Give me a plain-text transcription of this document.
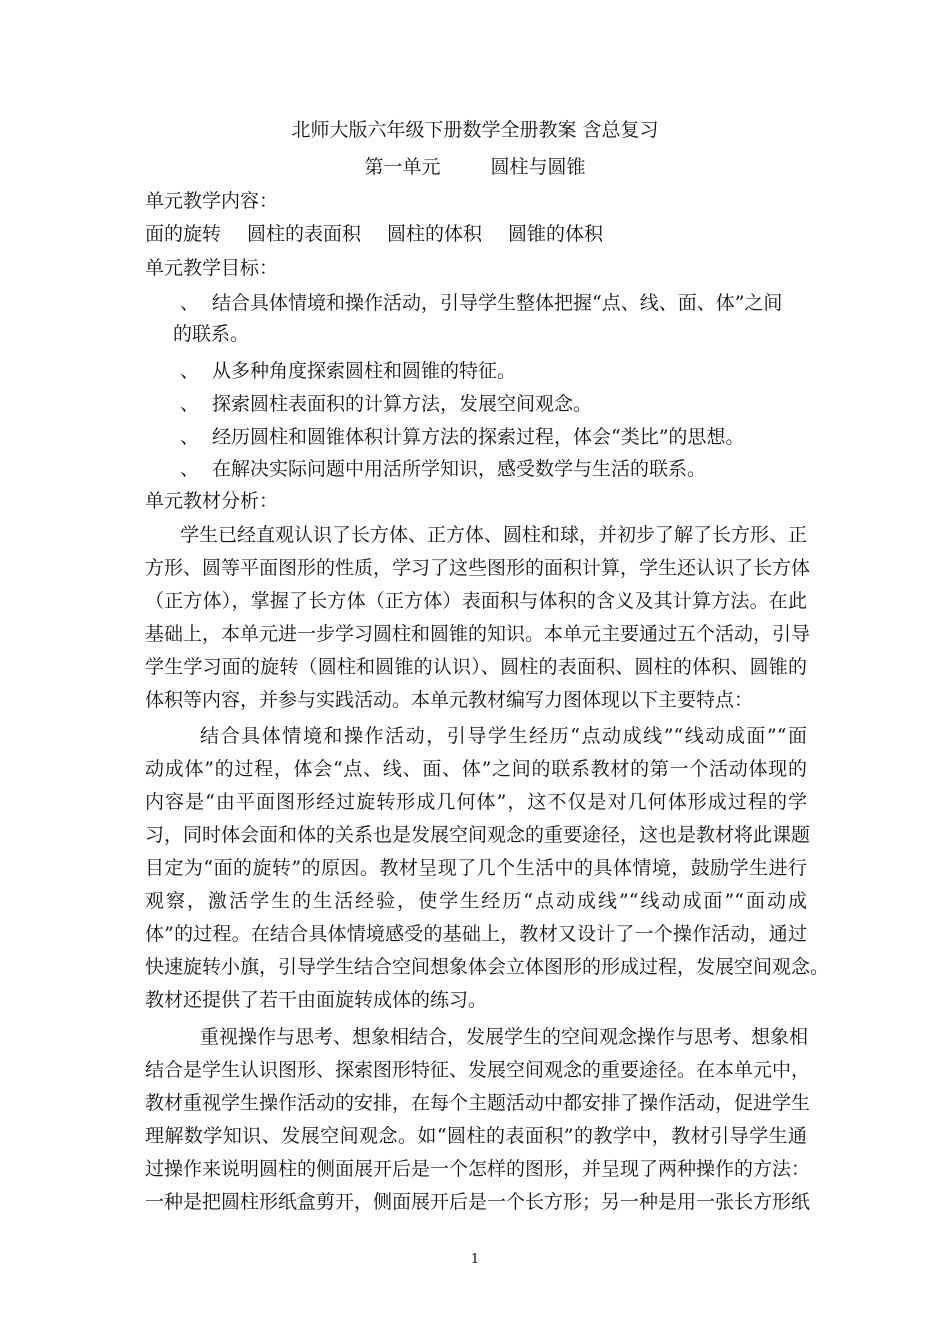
北师大版六年级下册数学全册教案 含总复习
第一单元	圆柱与圆锥
单元教学内容：
面的旋转 圆柱的表面积 圆柱的体积 圆锥的体积
单元教学目标：
、 结合具体情境和操作活动，引导学生整体把握“点、线、面、体”之间
的联系。
、 从多种角度探索圆柱和圆锥的特征。
、 探索圆柱表面积的计算方法，发展空间观念。
、 经历圆柱和圆锥体积计算方法的探索过程，体会“类比”的思想。
、 在解决实际问题中用活所学知识，感受数学与生活的联系。
单元教材分析：
学生已经直观认识了长方体、正方体、圆柱和球，并初步了解了长方形、正
方形、圆等平面图形的性质，学习了这些图形的面积计算，学生还认识了长方体
（正方体），掌握了长方体（正方体）表面积与体积的含义及其计算方法。在此
基础上，本单元进一步学习圆柱和圆锥的知识。本单元主要通过五个活动，引导
学生学习面的旋转（圆柱和圆锥的认识）、圆柱的表面积、圆柱的体积、圆锥的
体积等内容，并参与实践活动。本单元教材编写力图体现以下主要特点：
结合具体情境和操作活动，引导学生经历“点动成线”“线动成面”“面
动成体”的过程，体会“点、线、面、体”之间的联系教材的第一个活动体现的
内容是“由平面图形经过旋转形成几何体”，这不仅是对几何体形成过程的学
习，同时体会面和体的关系也是发展空间观念的重要途径，这也是教材将此课题
目定为“面的旋转”的原因。教材呈现了几个生活中的具体情境，鼓励学生进行
观察，激活学生的生活经验，使学生经历“点动成线”“线动成面”“面动成
体”的过程。在结合具体情境感受的基础上，教材又设计了一个操作活动，通过
快速旋转小旗，引导学生结合空间想象体会立体图形的形成过程，发展空间观念。
教材还提供了若干由面旋转成体的练习。
重视操作与思考、想象相结合，发展学生的空间观念操作与思考、想象相
结合是学生认识图形、探索图形特征、发展空间观念的重要途径。在本单元中，
教材重视学生操作活动的安排，在每个主题活动中都安排了操作活动，促进学生
理解数学知识、发展空间观念。如“圆柱的表面积”的教学中，教材引导学生通
过操作来说明圆柱的侧面展开后是一个怎样的图形，并呈现了两种操作的方法：
一种是把圆柱形纸盒剪开，侧面展开后是一个长方形；另一种是用一张长方形纸
1
